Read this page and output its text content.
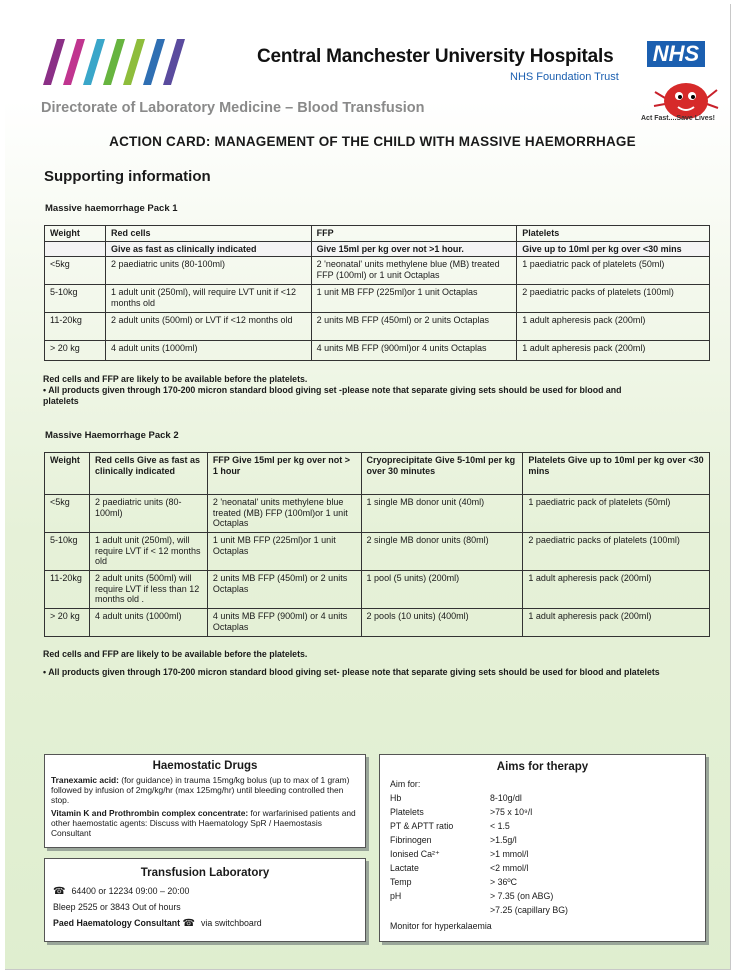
Central Manchester University Hospitals NHS
NHS Foundation Trust
Directorate of Laboratory Medicine – Blood Transfusion
Act Fast....Save Lives!
ACTION CARD: MANAGEMENT OF THE CHILD WITH MASSIVE HAEMORRHAGE
Supporting information
Massive haemorrhage Pack 1
Weight	Red cells	FFP	Platelets
	Give as fast as clinically indicated	Give 15ml per kg over not >1 hour.	Give up to 10ml per kg over <30 mins
<5kg	2 paediatric units (80-100ml)	2 'neonatal' units methylene blue (MB) treated FFP (100ml) or 1 unit Octaplas	1 paediatric pack of platelets (50ml)
5-10kg	1 adult unit (250ml), will require LVT unit if <12 months old	1 unit MB FFP (225ml)or 1 unit Octaplas	2 paediatric packs of platelets (100ml)
11-20kg	2 adult units (500ml) or LVT if <12 months old	2 units MB FFP (450ml) or 2 units Octaplas	1 adult apheresis pack (200ml)
> 20 kg	4 adult units (1000ml)	4 units MB FFP (900ml)or 4 units Octaplas	1 adult apheresis pack (200ml)
Red cells and FFP are likely to be available before the platelets.
• All products given through 170-200 micron standard blood giving set -please note that separate giving sets should be used for blood and platelets
Massive Haemorrhage Pack 2
Weight	Red cells Give as fast as clinically indicated	FFP Give 15ml per kg over not > 1 hour	Cryoprecipitate Give 5-10ml per kg over 30 minutes	Platelets Give up to 10ml per kg over <30 mins
<5kg	2 paediatric units (80-100ml)	2 'neonatal' units methylene blue treated (MB) FFP (100ml)or 1 unit Octaplas	1 single MB donor unit (40ml)	1 paediatric pack of platelets (50ml)
5-10kg	1 adult unit (250ml), will require LVT if < 12 months old	1 unit MB FFP (225ml)or 1 unit Octaplas	2 single MB donor units (80ml)	2 paediatric packs of platelets (100ml)
11-20kg	2 adult units (500ml) will require LVT if less than 12 months old .	2 units MB FFP (450ml) or 2 units Octaplas	1 pool (5 units) (200ml)	1 adult apheresis pack (200ml)
> 20 kg	4 adult units (1000ml)	4 units MB FFP (900ml) or 4 units Octaplas	2 pools (10 units) (400ml)	1 adult apheresis pack (200ml)
Red cells and FFP are likely to be available before the platelets.
• All products given through 170-200 micron standard blood giving set- please note that separate giving sets should be used for blood and platelets
Haemostatic Drugs

Tranexamic acid: (for guidance) in trauma 15mg/kg bolus (up to max of 1 gram) followed by infusion of 2mg/kg/hr (max 125mg/hr) until bleeding controlled then stop.

Vitamin K and Prothrombin complex concentrate: for warfarinised patients and other haemostatic agents: Discuss with Haematology SpR / Haemostasis Consultant

Transfusion Laboratory

☎ 64400 or 12234 09:00 – 20:00

Bleep 2525 or 3843 Out of hours

Paed Haematology Consultant ☎ via switchboard

Aims for therapy
Aim for:
Hb	8-10g/dl
Platelets	>75 x 10⁹/l
PT & APTT ratio	< 1.5
Fibrinogen	>1.5g/l
Ionised Ca²⁺	>1 mmol/l
Lactate	<2 mmol/l
Temp	> 36ºC
pH	> 7.35 (on ABG)
	>7.25 (capillary BG)
Monitor for hyperkalaemia
